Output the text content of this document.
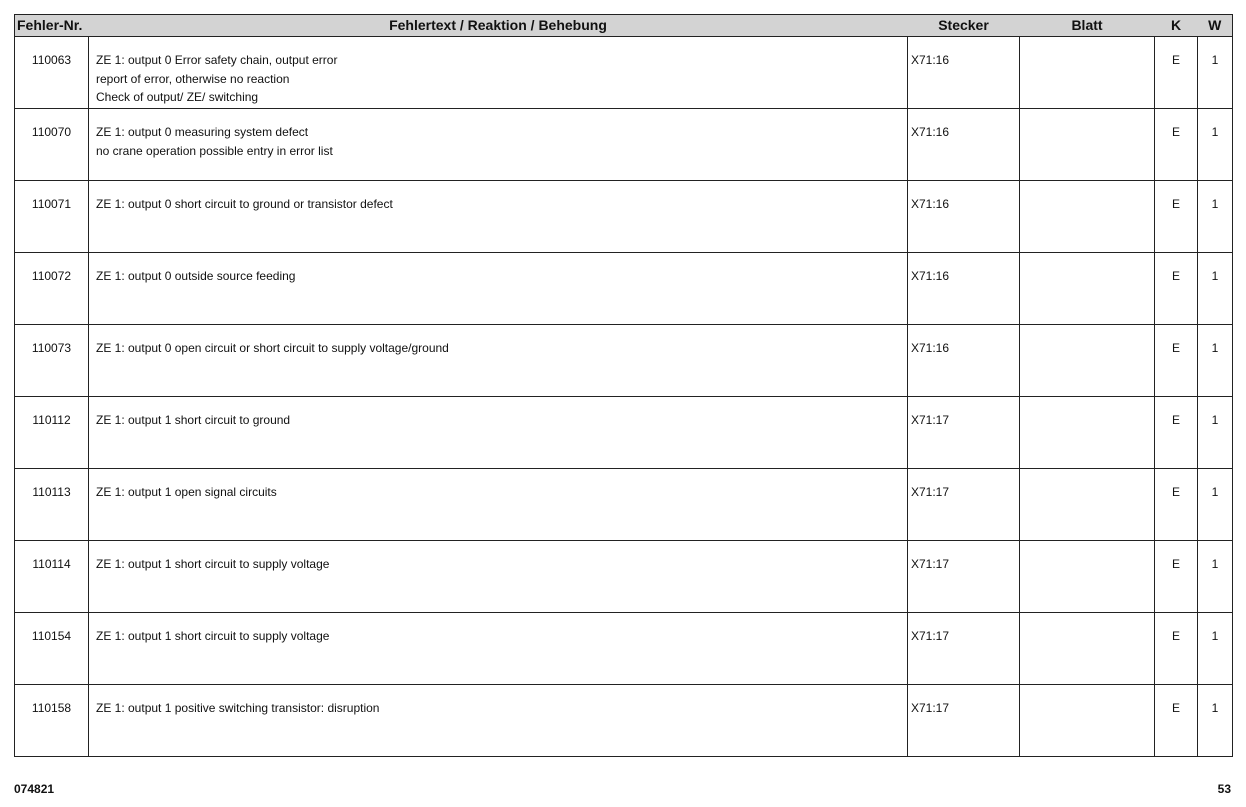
Fehler-Nr.	Fehlertext / Reaktion / Behebung	Stecker	Blatt	K	W
110063	ZE 1: output 0 Error safety chain, output error
report of error, otherwise no reaction
Check of output/ ZE/ switching	X71:16		E	1
110070	ZE 1: output 0 measuring system defect
no crane operation possible entry in error list	X71:16		E	1
110071	ZE 1: output 0 short circuit to ground or transistor defect	X71:16		E	1
110072	ZE 1: output 0 outside source feeding	X71:16		E	1
110073	ZE 1: output 0 open circuit or short circuit to supply voltage/ground	X71:16		E	1
110112	ZE 1: output 1 short circuit to ground	X71:17		E	1
110113	ZE 1: output 1 open signal circuits	X71:17		E	1
110114	ZE 1: output 1 short circuit to supply voltage	X71:17		E	1
110154	ZE 1: output 1 short circuit to supply voltage	X71:17		E	1
110158	ZE 1: output 1 positive switching transistor: disruption	X71:17		E	1
074821	53
